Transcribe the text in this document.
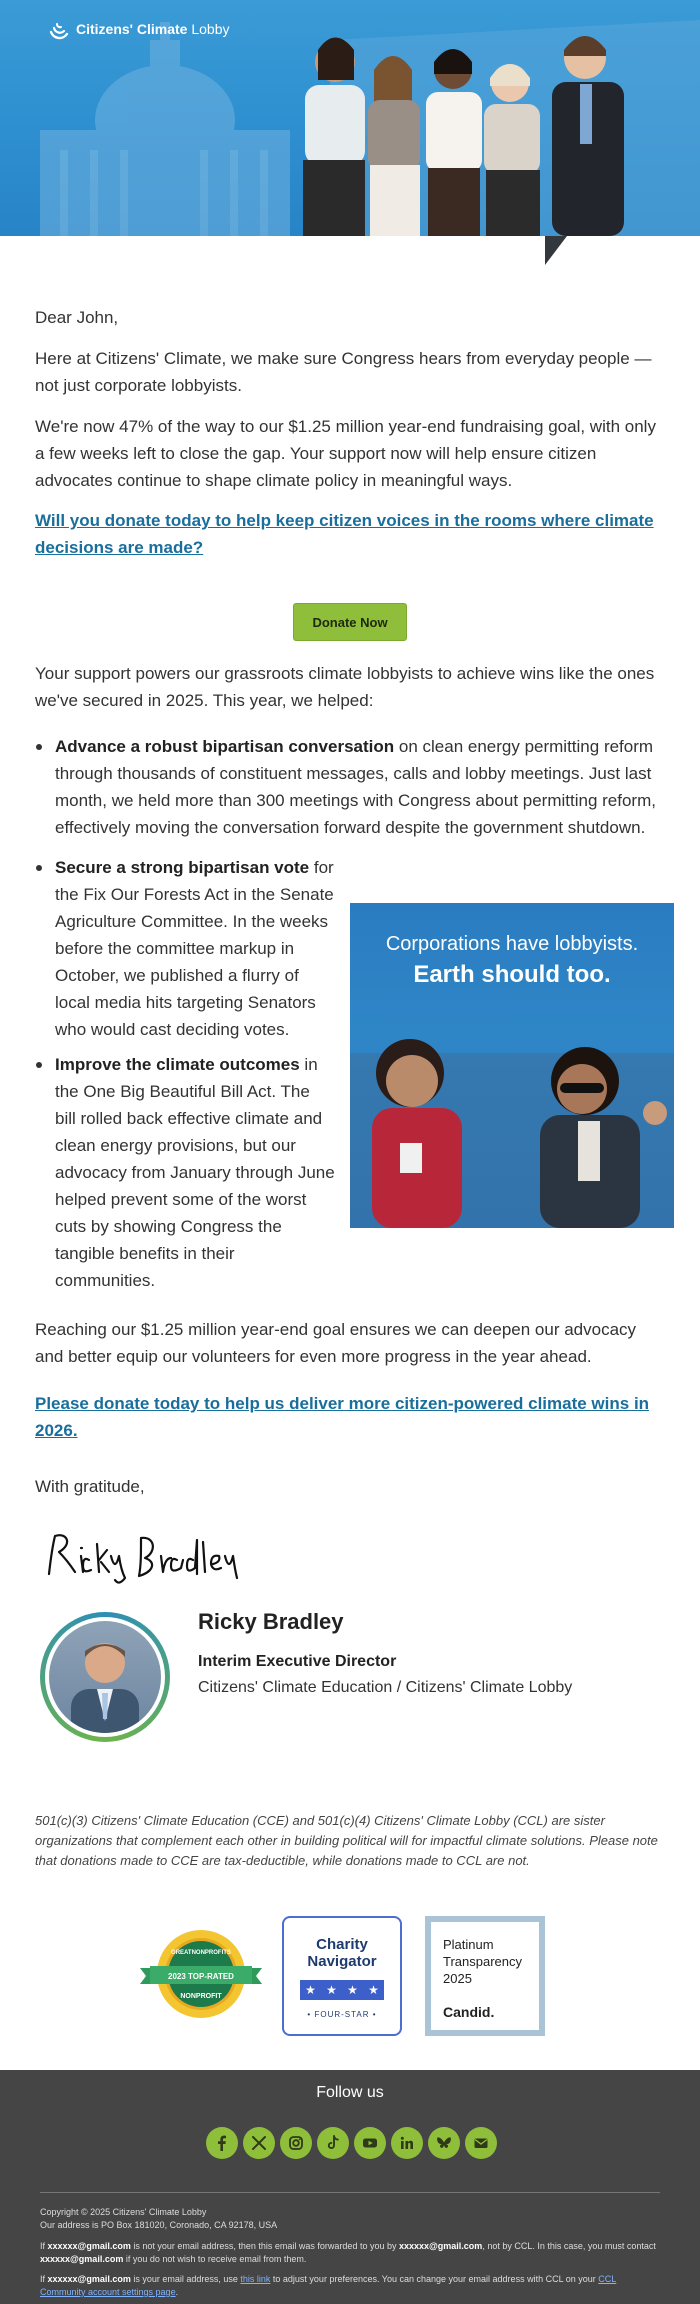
Citizens' Climate Lobby

Dear John,

Here at Citizens' Climate, we make sure Congress hears from everyday people — not just corporate lobbyists.

We're now 47% of the way to our $1.25 million year-end fundraising goal, with only a few weeks left to close the gap. Your support now will help ensure citizen advocates continue to shape climate policy in meaningful ways.

Will you donate today to help keep citizen voices in the rooms where climate decisions are made?

Donate Now

Your support powers our grassroots climate lobbyists to achieve wins like the ones we've secured in 2025. This year, we helped:

Advance a robust bipartisan conversation on clean energy permitting reform through thousands of constituent messages, calls and lobby meetings. Just last month, we held more than 300 meetings with Congress about permitting reform, effectively moving the conversation forward despite the government shutdown.
Secure a strong bipartisan vote for the Fix Our Forests Act in the Senate Agriculture Committee. In the weeks before the committee markup in October, we published a flurry of local media hits targeting Senators who would cast deciding votes.
Improve the climate outcomes in the One Big Beautiful Bill Act. The bill rolled back effective climate and clean energy provisions, but our advocacy from January through June helped prevent some of the worst cuts by showing Congress the tangible benefits in their communities.
Corporations have lobbyists.
Earth should too.

Reaching our $1.25 million year-end goal ensures we can deepen our advocacy and better equip our volunteers for even more progress in the year ahead.

Please donate today to help us deliver more citizen-powered climate wins in 2026.

With gratitude,

Ricky Bradley
Interim Executive Director
Citizens' Climate Education / Citizens' Climate Lobby

501(c)(3) Citizens' Climate Education (CCE) and 501(c)(4) Citizens' Climate Lobby (CCL) are sister organizations that complement each other in building political will for impactful climate solutions. Please note that donations made to CCE are tax-deductible, while donations made to CCL are not.

GREATNONPROFITS
2023 TOP-RATED
NONPROFIT
Charity Navigator
★ ★ ★ ★
• FOUR-STAR •
Platinum
Transparency
2025
Candid.
Follow us
Copyright © 2025 Citizens' Climate Lobby
Our address is PO Box 181020, Coronado, CA 92178, USA
If xxxxxx@gmail.com is not your email address, then this email was forwarded to you by xxxxxx@gmail.com, not by CCL. In this case, you must contact xxxxxx@gmail.com if you do not wish to receive email from them.
If xxxxxx@gmail.com is your email address, use this link to adjust your preferences. You can change your email address with CCL on your CCL Community account settings page.
